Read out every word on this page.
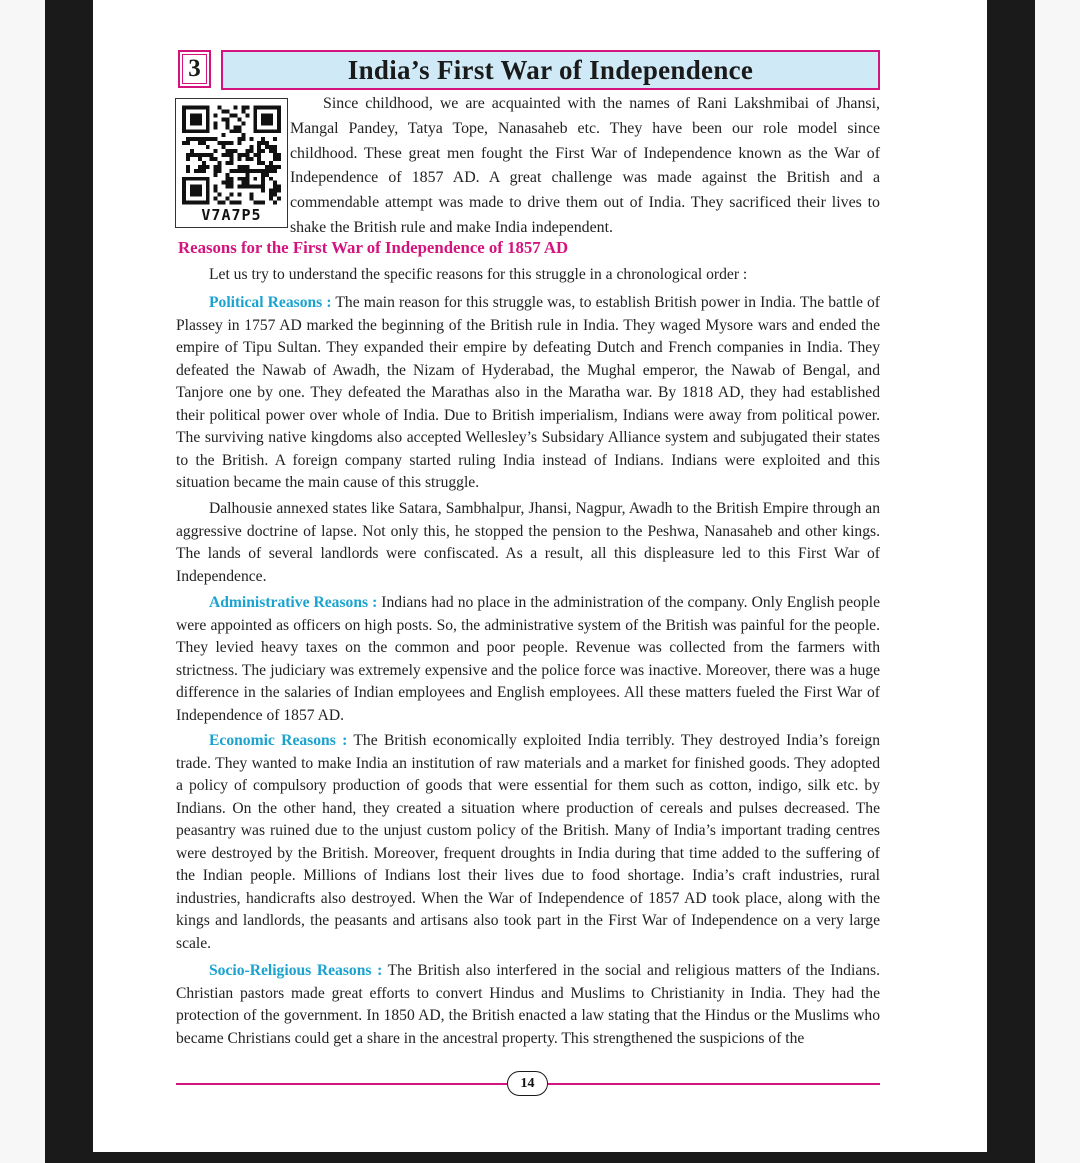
3	India’s First War of Independence
V7A7P5

Since childhood, we are acquainted with the names of Rani Lakshmibai of Jhansi, Mangal Pandey, Tatya Tope, Nanasaheb etc. They have been our role model since childhood. These great men fought the First War of Independence known as the War of Independence of 1857 AD. A great challenge was made against the British and a commendable attempt was made to drive them out of India. They sacrificed their lives to shake the British rule and make India independent.

Reasons for the First War of Independence of 1857 AD

Let us try to understand the specific reasons for this struggle in a chronological order :

Political Reasons : The main reason for this struggle was, to establish British power in India. The battle of Plassey in 1757 AD marked the beginning of the British rule in India. They waged Mysore wars and ended the empire of Tipu Sultan. They expanded their empire by defeating Dutch and French companies in India. They defeated the Nawab of Awadh, the Nizam of Hyderabad, the Mughal emperor, the Nawab of Bengal, and Tanjore one by one. They defeated the Marathas also in the Maratha war. By 1818 AD, they had established their political power over whole of India. Due to British imperialism, Indians were away from political power. The surviving native kingdoms also accepted Wellesley’s Subsidary Alliance system and subjugated their states to the British. A foreign company started ruling India instead of Indians. Indians were exploited and this situation became the main cause of this struggle.

Dalhousie annexed states like Satara, Sambhalpur, Jhansi, Nagpur, Awadh to the British Empire through an aggressive doctrine of lapse. Not only this, he stopped the pension to the Peshwa, Nanasaheb and other kings. The lands of several landlords were confiscated. As a result, all this displeasure led to this First War of Independence.

Administrative Reasons : Indians had no place in the administration of the company. Only English people were appointed as officers on high posts. So, the administrative system of the British was painful for the people. They levied heavy taxes on the common and poor people. Revenue was collected from the farmers with strictness. The judiciary was extremely expensive and the police force was inactive. Moreover, there was a huge difference in the salaries of Indian employees and English employees. All these matters fueled the First War of Independence of 1857 AD.

Economic Reasons : The British economically exploited India terribly. They destroyed India’s foreign trade. They wanted to make India an institution of raw materials and a market for finished goods. They adopted a policy of compulsory production of goods that were essential for them such as cotton, indigo, silk etc. by Indians. On the other hand, they created a situation where production of cereals and pulses decreased. The peasantry was ruined due to the unjust custom policy of the British. Many of India’s important trading centres were destroyed by the British. Moreover, frequent droughts in India during that time added to the suffering of the Indian people. Millions of Indians lost their lives due to food shortage. India’s craft industries, rural industries, handicrafts also destroyed. When the War of Independence of 1857 AD took place, along with the kings and landlords, the peasants and artisans also took part in the First War of Independence on a very large scale.

Socio-Religious Reasons : The British also interfered in the social and religious matters of the Indians. Christian pastors made great efforts to convert Hindus and Muslims to Christianity in India. They had the protection of the government. In 1850 AD, the British enacted a law stating that the Hindus or the Muslims who became Christians could get a share in the ancestral property. This strengthened the suspicions of the

14
